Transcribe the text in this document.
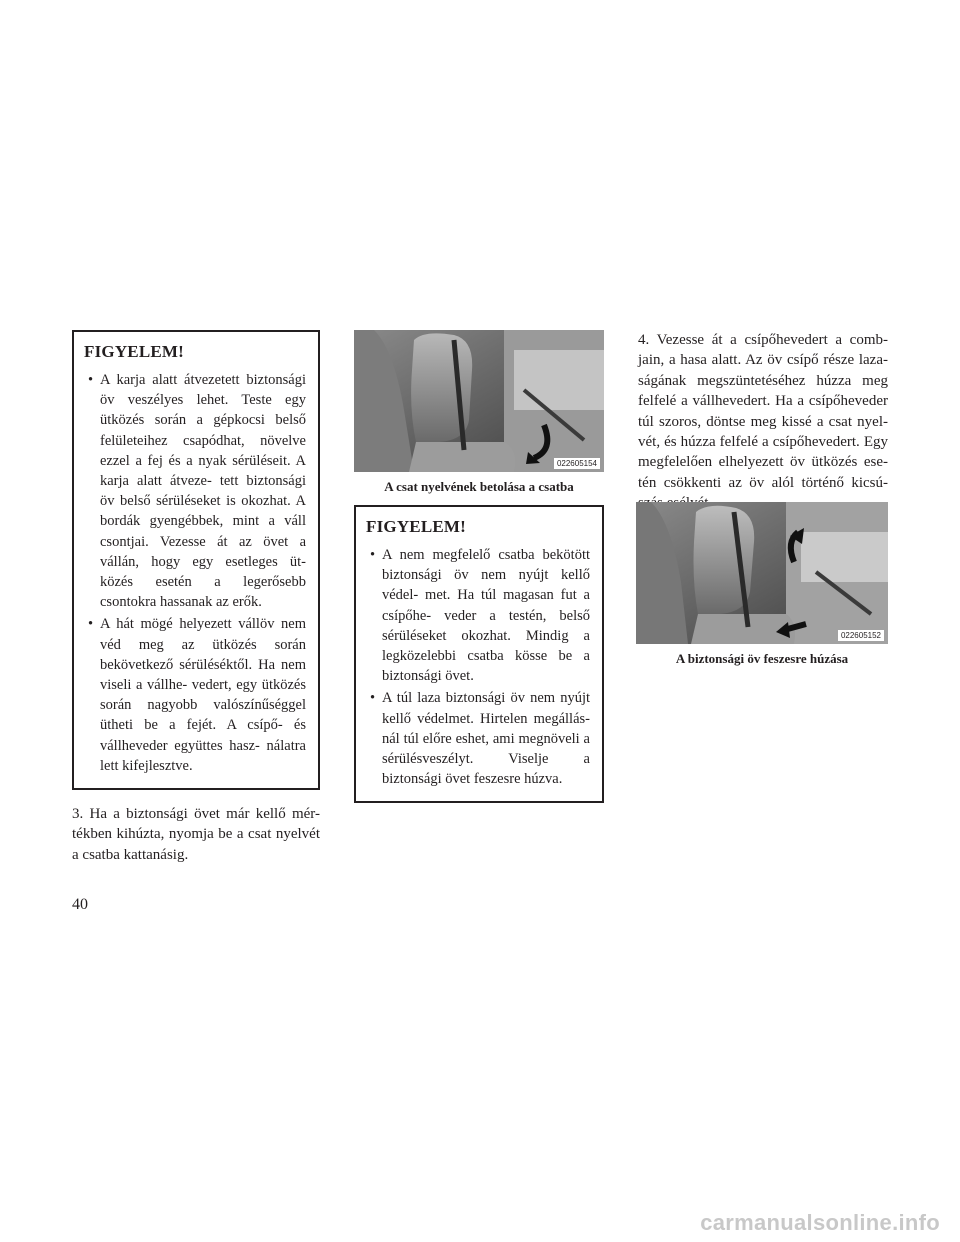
FIGYELEM!
• A karja alatt átvezetett biztonsági öv veszélyes lehet. Teste egy ütközés során a gépkocsi belső felületeihez csapódhat, növelve ezzel a fej és a nyak sérüléseit. A karja alatt átveze- tett biztonsági öv belső sérüléseket is okozhat. A bordák gyengébbek, mint a váll csontjai. Vezesse át az övet a vállán, hogy egy esetleges üt- közés esetén a legerősebb csontokra hassanak az erők.
• A hát mögé helyezett vállöv nem véd meg az ütközés során bekövetkező sérüléséktől. Ha nem viseli a vállhe- vedert, egy ütközés során nagyobb valószínűséggel ütheti be a fejét. A csípő- és vállheveder együttes hasz- nálatra lett kifejlesztve.

3. Ha a biztonsági övet már kellő mér- tékben kihúzta, nyomja be a csat nyelvét a csatba kattanásig.

022605154
A csat nyelvének betolása a csatba
FIGYELEM!
• A nem megfelelő csatba bekötött biztonsági öv nem nyújt kellő védel- met. Ha túl magasan fut a csípőhe- veder a testén, belső sérüléseket okozhat. Mindig a legközelebbi csatba kösse be a biztonsági övet.
• A túl laza biztonsági öv nem nyújt kellő védelmet. Hirtelen megállás- nál túl előre eshet, ami megnöveli a sérülésveszélyt. Viselje a biztonsági övet feszesre húzva.

4. Vezesse át a csípőhevedert a comb- jain, a hasa alatt. Az öv csípő része laza- ságának megszüntetéséhez húzza meg felfelé a vállhevedert. Ha a csípőheveder túl szoros, döntse meg kissé a csat nyel- vét, és húzza felfelé a csípőhevedert. Egy megfelelően elhelyezett öv ütközés ese- tén csökkenti az öv alól történő kicsú-

022605152
A biztonsági öv feszesre húzása
40
carmanualsonline.info
